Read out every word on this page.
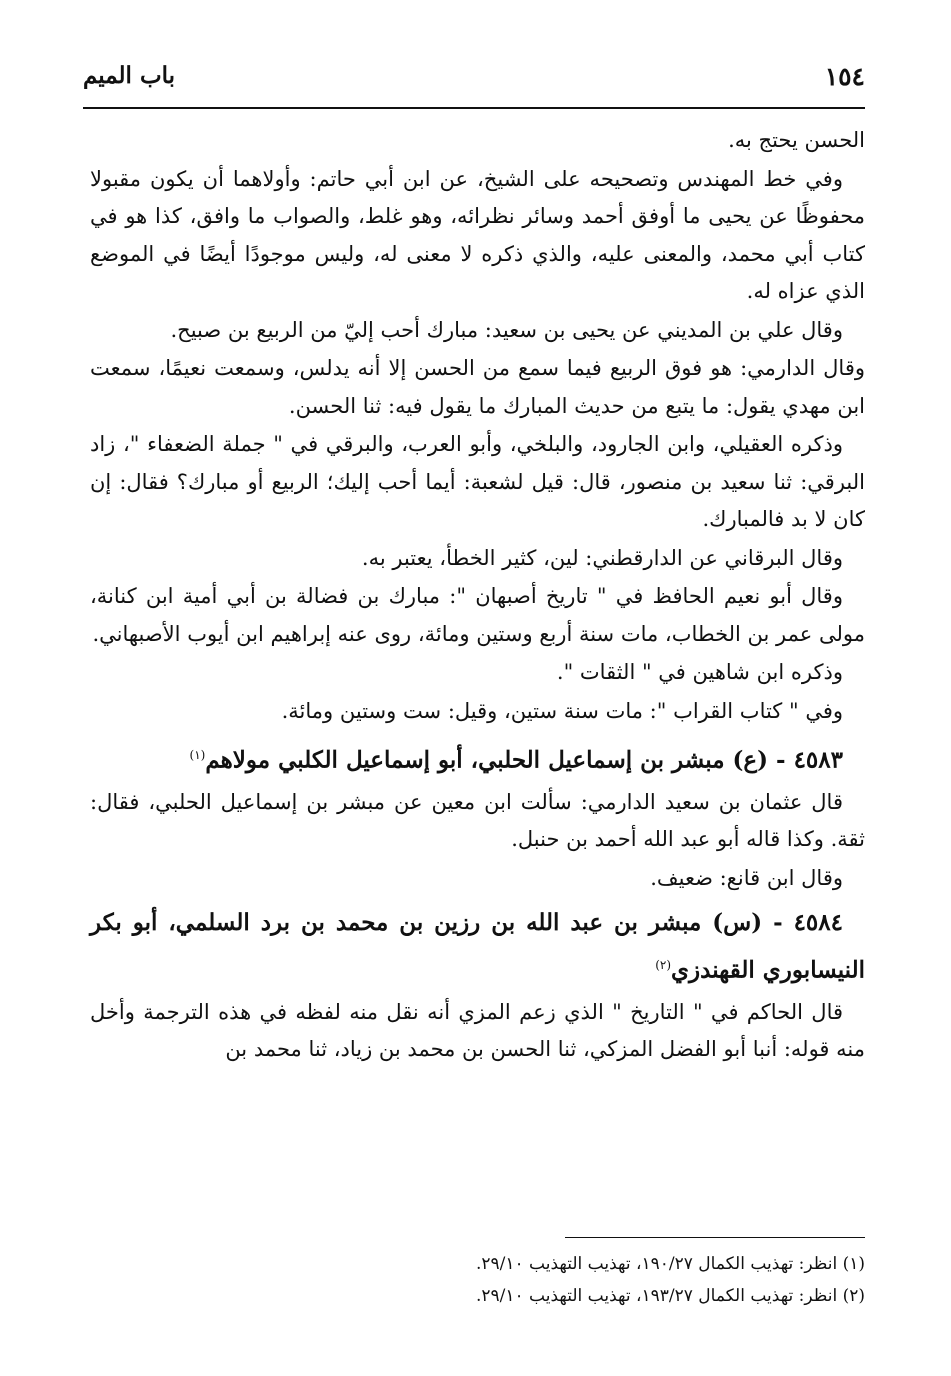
١٥٤
باب الميم

الحسن يحتج به.

وفي خط المهندس وتصحيحه على الشيخ، عن ابن أبي حاتم: وأولاهما أن يكون مقبولا محفوظًا عن يحيى ما أوفق أحمد وسائر نظرائه، وهو غلط، والصواب ما وافق، كذا هو في كتاب أبي محمد، والمعنى عليه، والذي ذكره لا معنى له، وليس موجودًا أيضًا في الموضع الذي عزاه له.

وقال علي بن المديني عن يحيى بن سعيد: مبارك أحب إليّ من الربيع بن صبيح.

وقال الدارمي: هو فوق الربيع فيما سمع من الحسن إلا أنه يدلس، وسمعت نعيمًا، سمعت ابن مهدي يقول: ما يتبع من حديث المبارك ما يقول فيه: ثنا الحسن.

وذكره العقيلي، وابن الجارود، والبلخي، وأبو العرب، والبرقي في " جملة الضعفاء "، زاد البرقي: ثنا سعيد بن منصور، قال: قيل لشعبة: أيما أحب إليك؛ الربيع أو مبارك؟ فقال: إن كان لا بد فالمبارك.

وقال البرقاني عن الدارقطني: لين، كثير الخطأ، يعتبر به.

وقال أبو نعيم الحافظ في " تاريخ أصبهان ": مبارك بن فضالة بن أبي أمية ابن كنانة، مولى عمر بن الخطاب، مات سنة أربع وستين ومائة، روى عنه إبراهيم ابن أيوب الأصبهاني.

وذكره ابن شاهين في " الثقات ".

وفي " كتاب القراب ": مات سنة ستين، وقيل: ست وستين ومائة.

٤٥٨٣ - (ع) مبشر بن إسماعيل الحلبي، أبو إسماعيل الكلبي مولاهم$^{(١)}$

قال عثمان بن سعيد الدارمي: سألت ابن معين عن مبشر بن إسماعيل الحلبي، فقال: ثقة. وكذا قاله أبو عبد الله أحمد بن حنبل.

وقال ابن قانع: ضعيف.

٤٥٨٤ - (س) مبشر بن عبد الله بن رزين بن محمد بن برد السلمي، أبو بكر النيسابوري القهندزي$^{(٢)}$

قال الحاكم في " التاريخ " الذي زعم المزي أنه نقل منه لفظه في هذه الترجمة وأخل منه قوله: أنبا أبو الفضل المزكي، ثنا الحسن بن محمد بن زياد، ثنا محمد بن

(١) انظر: تهذيب الكمال ١٩٠/٢٧، تهذيب التهذيب ٢٩/١٠.
(٢) انظر: تهذيب الكمال ١٩٣/٢٧، تهذيب التهذيب ٢٩/١٠.
